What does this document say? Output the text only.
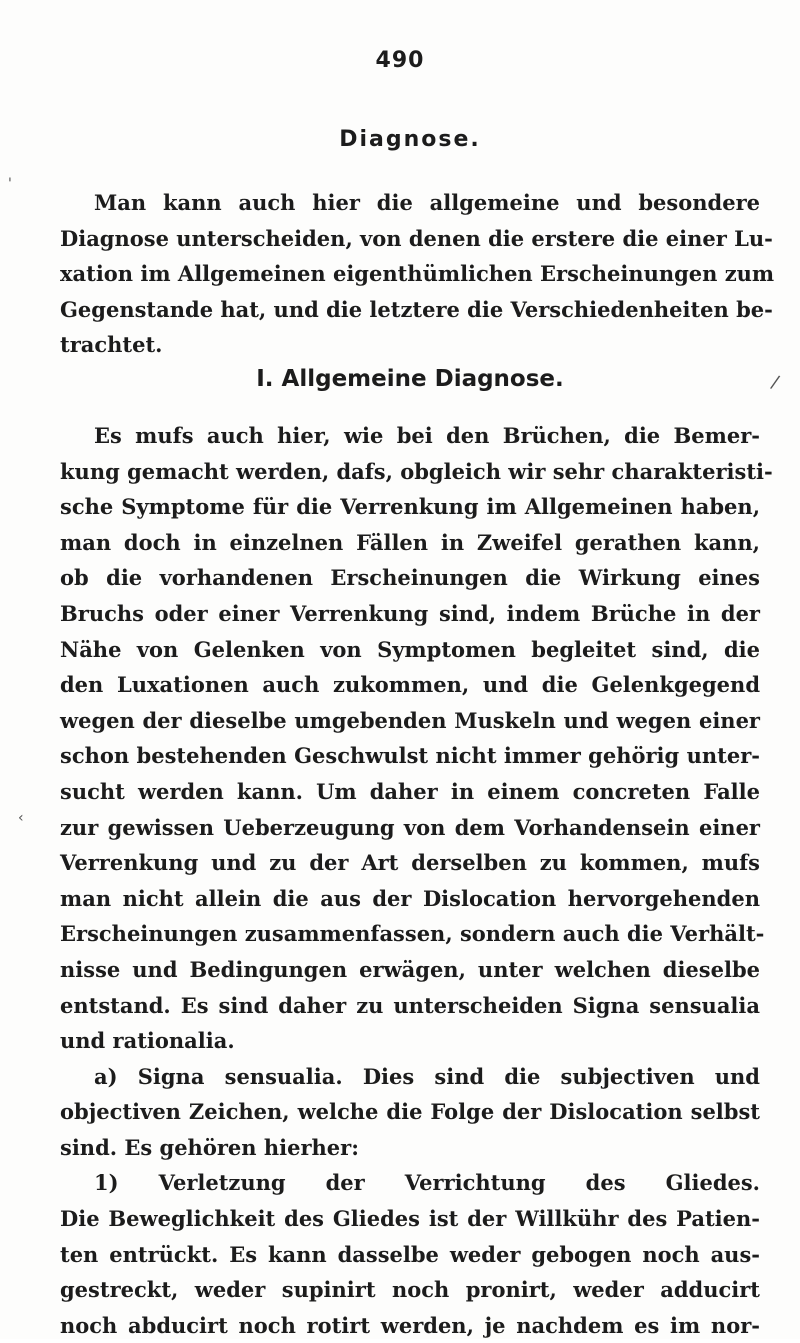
490
Diagnose.
Man kann auch hier die allgemeine und besondere
Diagnose unterscheiden, von denen die erstere die einer Lu-
xation im Allgemeinen eigenthümlichen Erscheinungen zum
Gegenstande hat, und die letztere die Verschiedenheiten be-
trachtet.
I. Allgemeine Diagnose.
Es mufs auch hier, wie bei den Brüchen, die Bemer-
kung gemacht werden, dafs, obgleich wir sehr charakteristi-
sche Symptome für die Verrenkung im Allgemeinen haben,
man doch in einzelnen Fällen in Zweifel gerathen kann,
ob die vorhandenen Erscheinungen die Wirkung eines
Bruchs oder einer Verrenkung sind, indem Brüche in der
Nähe von Gelenken von Symptomen begleitet sind, die
den Luxationen auch zukommen, und die Gelenkgegend
wegen der dieselbe umgebenden Muskeln und wegen einer
schon bestehenden Geschwulst nicht immer gehörig unter-
sucht werden kann. Um daher in einem concreten Falle
zur gewissen Ueberzeugung von dem Vorhandensein einer
Verrenkung und zu der Art derselben zu kommen, mufs
man nicht allein die aus der Dislocation hervorgehenden
Erscheinungen zusammenfassen, sondern auch die Verhält-
nisse und Bedingungen erwägen, unter welchen dieselbe
entstand. Es sind daher zu unterscheiden Signa sensualia
und rationalia.
a) Signa sensualia. Dies sind die subjectiven und
objectiven Zeichen, welche die Folge der Dislocation selbst
sind. Es gehören hierher:
1) Verletzung der Verrichtung des Gliedes.
Die Beweglichkeit des Gliedes ist der Willkühr des Patien-
ten entrückt. Es kann dasselbe weder gebogen noch aus-
gestreckt, weder supinirt noch pronirt, weder adducirt
noch abducirt noch rotirt werden, je nachdem es im nor-
/
‹
'
